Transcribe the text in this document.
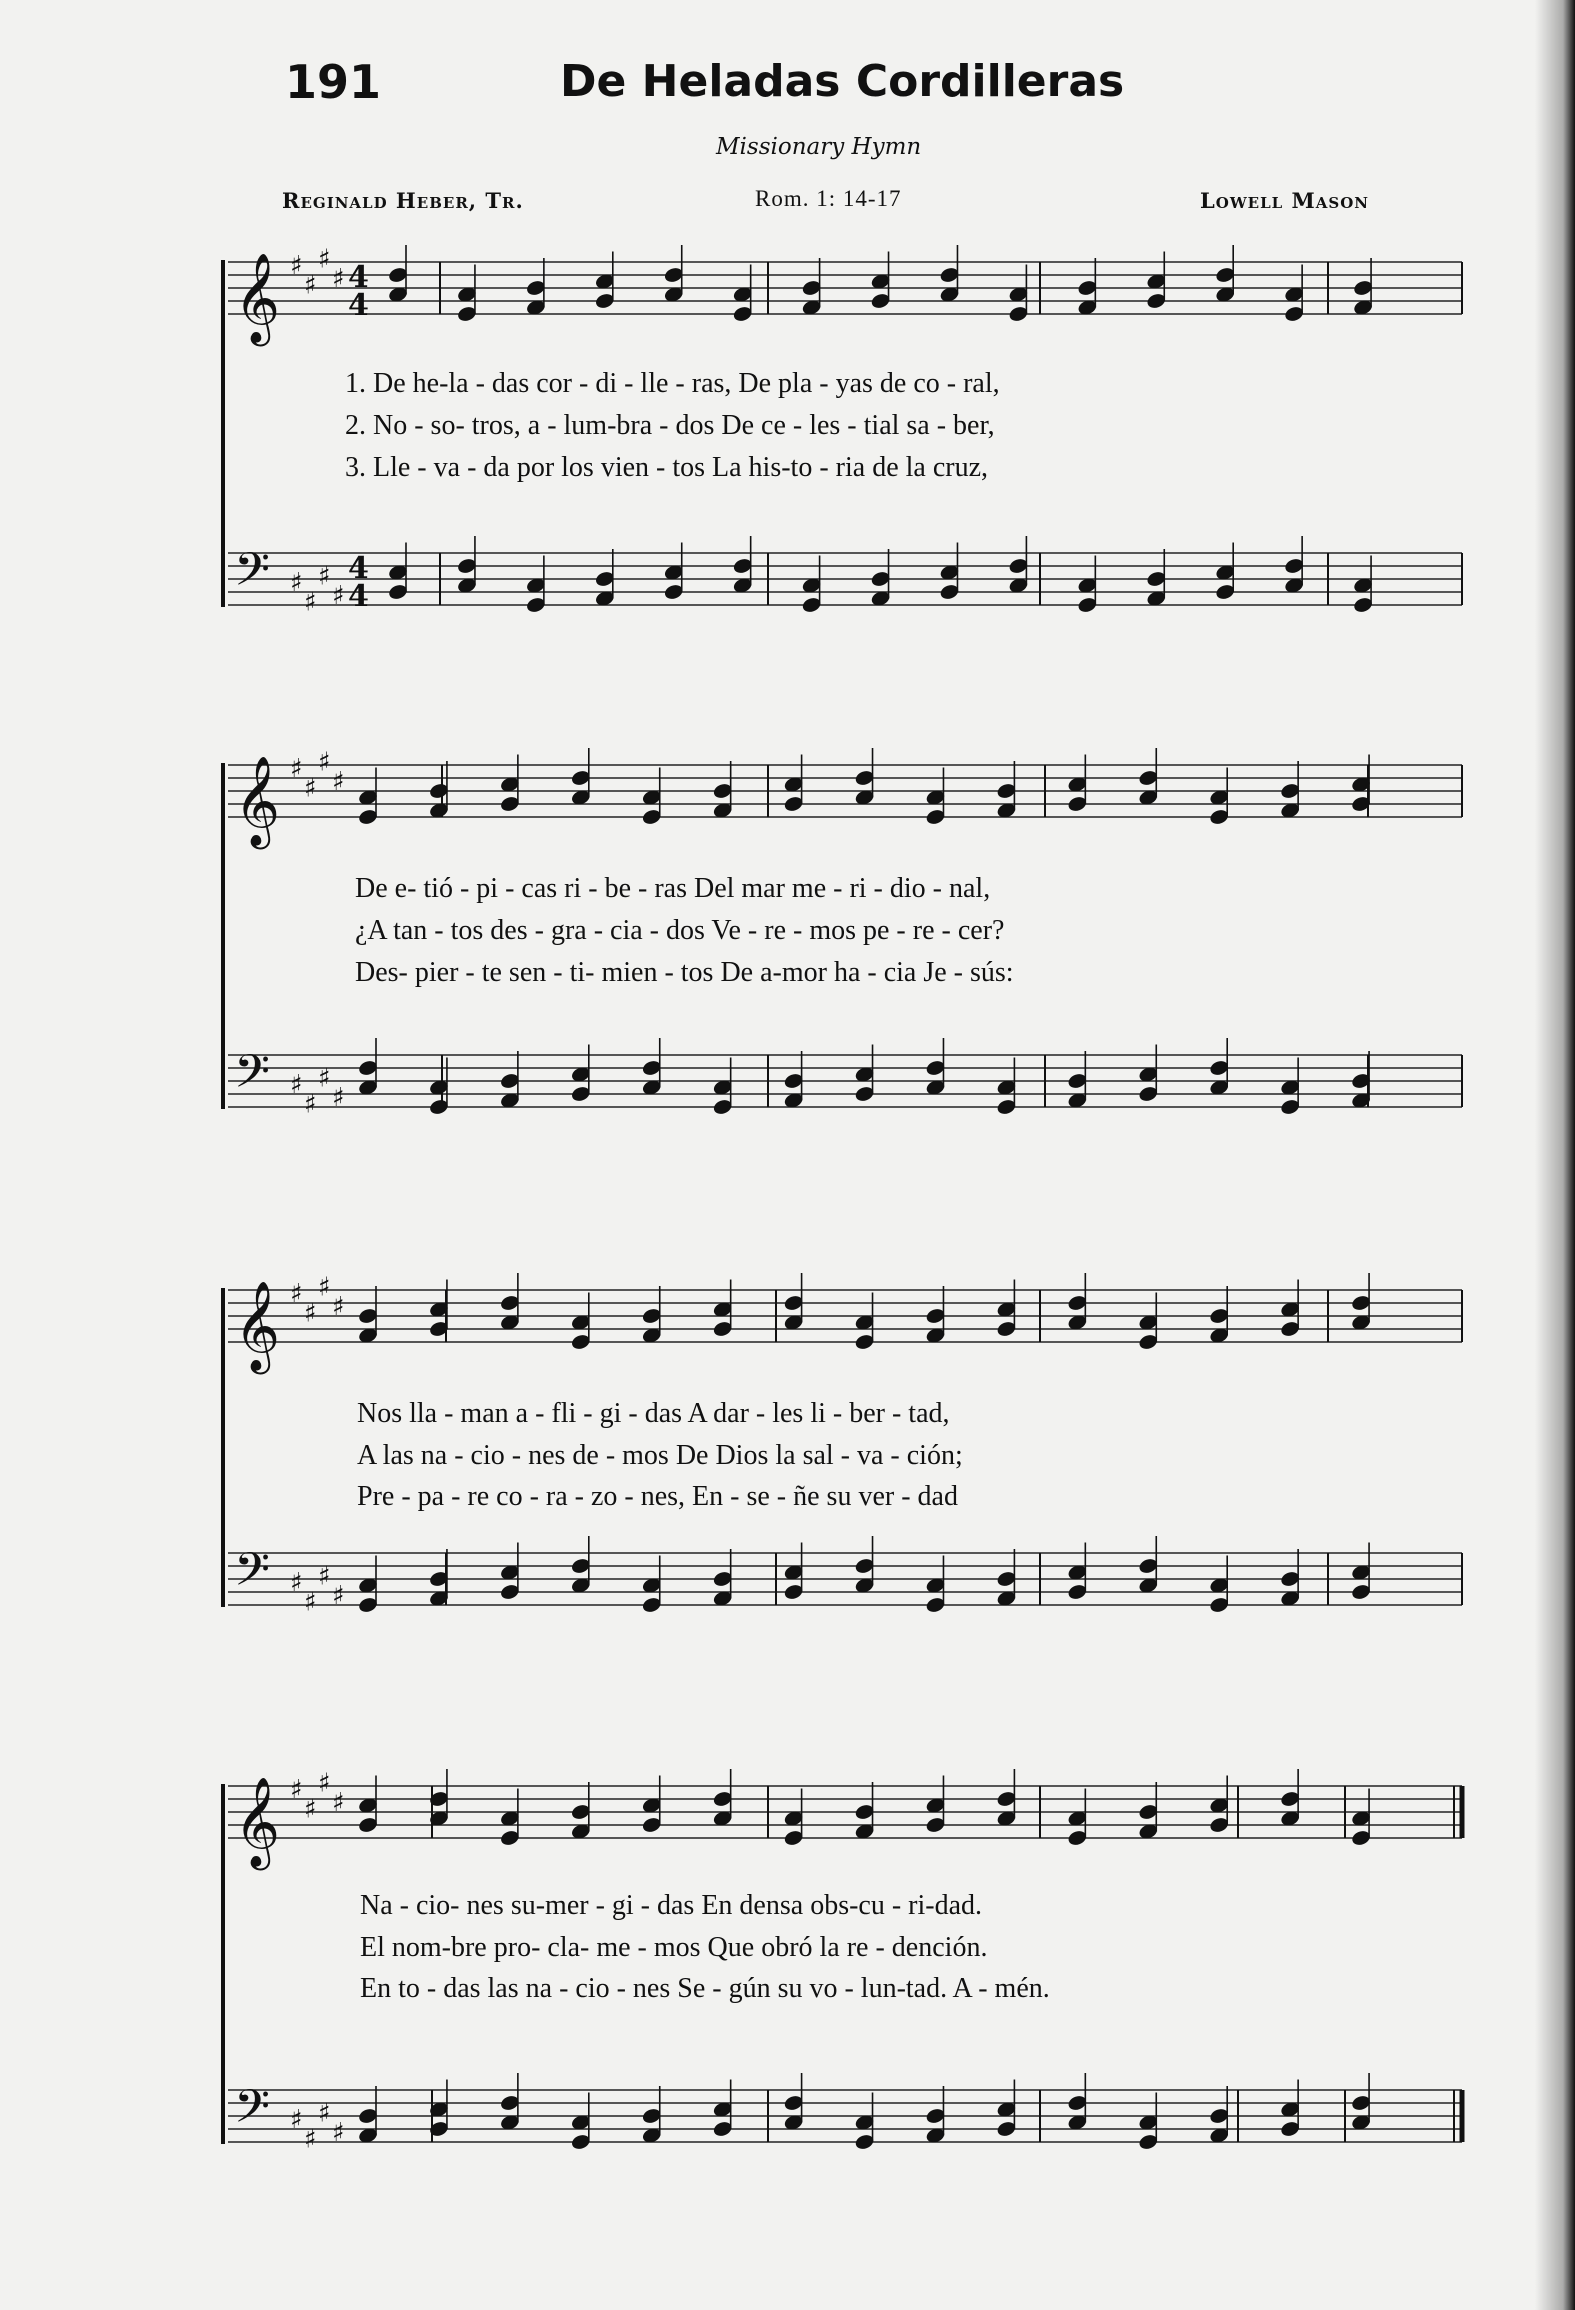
191	De Heladas Cordilleras
Missionary Hymn
Reginald Heber, Tr.	Rom. 1: 14-17	Lowell Mason
𝄞 ♯
♯
♯
♯ 4
4
𝄢 ♯
♯
♯
♯
4
4
𝄞 ♯
♯
♯
♯
𝄢 ♯
♯
♯
♯
𝄞 ♯
♯
♯
♯
𝄢 ♯
♯
♯
♯
𝄞 ♯
♯
♯
♯
𝄢 ♯
♯
♯
♯
1. De he-la - das cor - di - lle - ras, De pla - yas de co - ral,
2. No - so- tros, a - lum-bra - dos De ce - les - tial sa - ber,
3. Lle - va - da por los vien - tos La his-to - ria de la cruz,
De e- tió - pi - cas ri - be - ras Del mar me - ri - dio - nal,
¿A tan - tos des - gra - cia - dos Ve - re - mos pe - re - cer?
Des- pier - te sen - ti- mien - tos De a-mor ha - cia Je - sús:
Nos lla - man a - fli - gi - das A dar - les li - ber - tad,
A las na - cio - nes de - mos De Dios la sal - va - ción;
Pre - pa - re co - ra - zo - nes, En - se - ñe su ver - dad
Na - cio- nes su-mer - gi - das En densa obs-cu - ri-dad.
El nom-bre pro- cla- me - mos Que obró la re - dención.
En to - das las na - cio - nes Se - gún su vo - lun-tad. A - mén.
